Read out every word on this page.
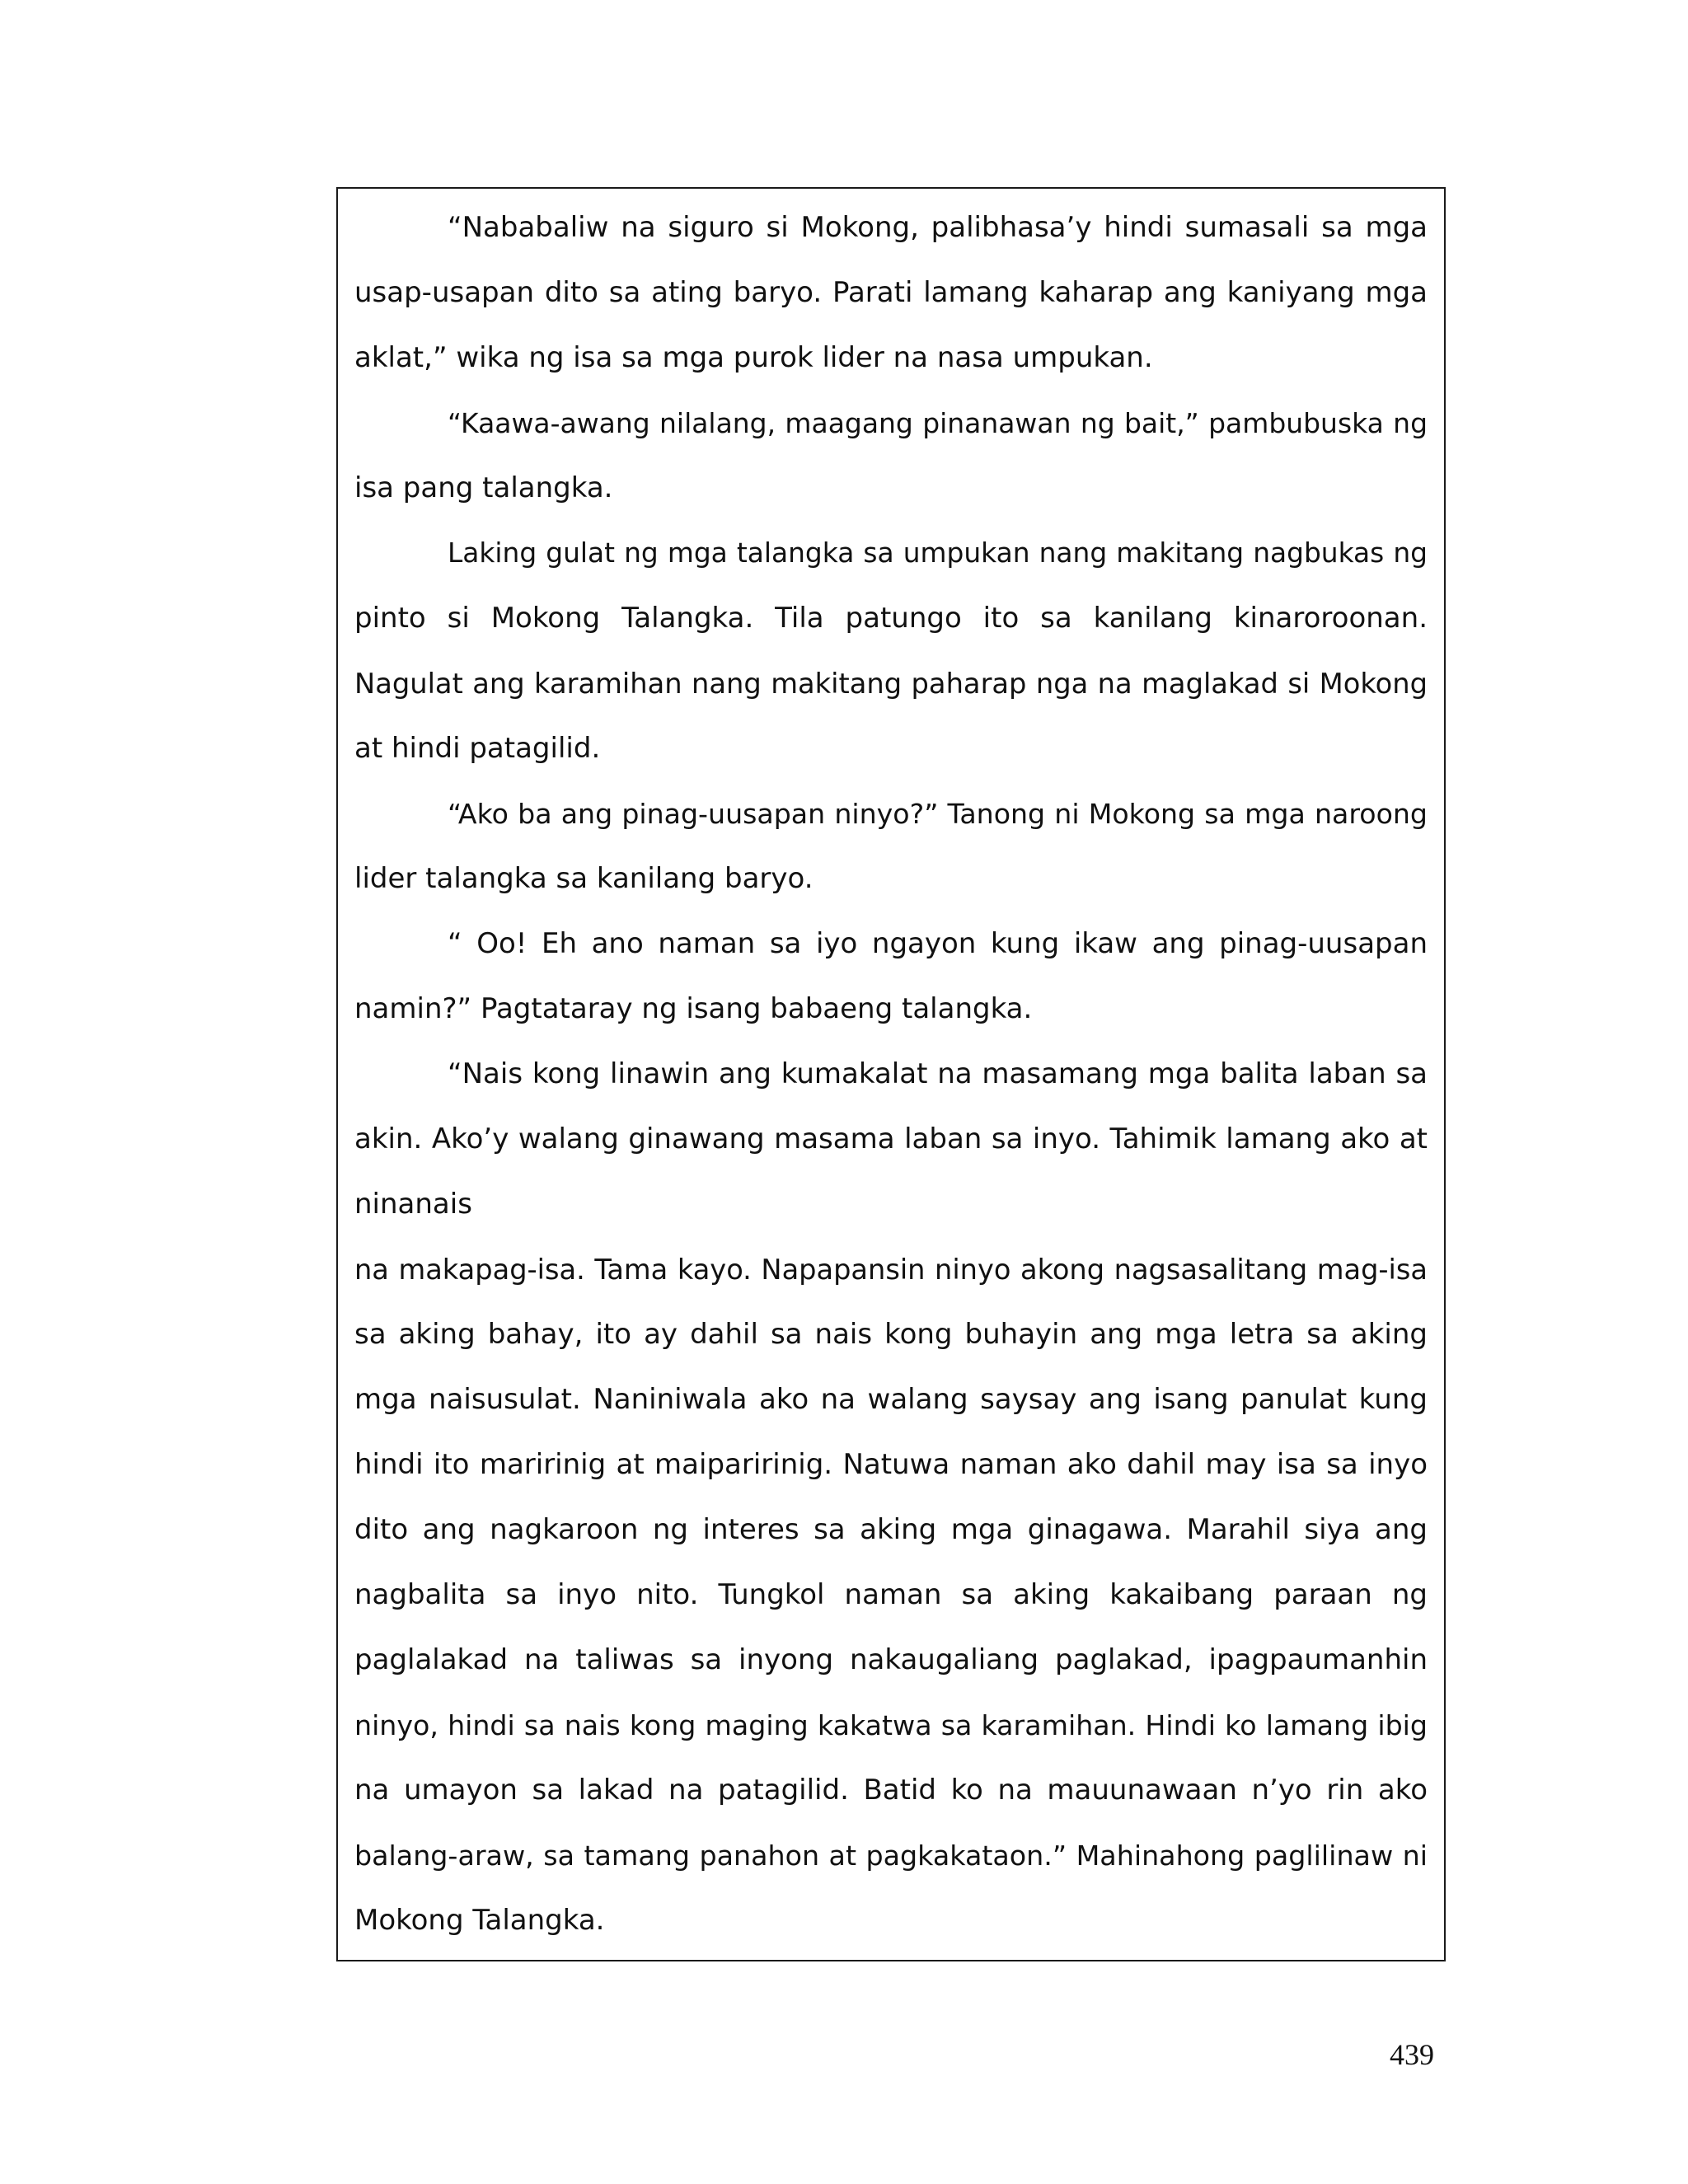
“Nababaliw na siguro si Mokong, palibhasa’y hindi sumasali sa mga
usap-usapan dito sa ating baryo. Parati lamang kaharap ang kaniyang mga
aklat,” wika ng isa sa mga purok lider na nasa umpukan.
“Kaawa-awang nilalang, maagang pinanawan ng bait,” pambubuska ng
isa pang talangka.
Laking gulat ng mga talangka sa umpukan nang makitang nagbukas ng
pinto si Mokong Talangka. Tila patungo ito sa kanilang kinaroroonan.
Nagulat ang karamihan nang makitang paharap nga na maglakad si Mokong
at hindi patagilid.
“Ako ba ang pinag-uusapan ninyo?” Tanong ni Mokong sa mga naroong
lider talangka sa kanilang baryo.
“ Oo! Eh ano naman sa iyo ngayon kung ikaw ang pinag-uusapan
namin?” Pagtataray ng isang babaeng talangka.
“Nais kong linawin ang kumakalat na masamang mga balita laban sa
akin. Ako’y walang ginawang masama laban sa inyo. Tahimik lamang ako at
ninanais
na makapag-isa. Tama kayo. Napapansin ninyo akong nagsasalitang mag-isa
sa aking bahay, ito ay dahil sa nais kong buhayin ang mga letra sa aking
mga naisusulat. Naniniwala ako na walang saysay ang isang panulat kung
hindi ito maririnig at maiparirinig. Natuwa naman ako dahil may isa sa inyo
dito ang nagkaroon ng interes sa aking mga ginagawa. Marahil siya ang
nagbalita sa inyo nito. Tungkol naman sa aking kakaibang paraan ng
paglalakad na taliwas sa inyong nakaugaliang paglakad, ipagpaumanhin
ninyo, hindi sa nais kong maging kakatwa sa karamihan. Hindi ko lamang ibig
na umayon sa lakad na patagilid. Batid ko na mauunawaan n’yo rin ako
balang-araw, sa tamang panahon at pagkakataon.” Mahinahong paglilinaw ni
Mokong Talangka.
439
